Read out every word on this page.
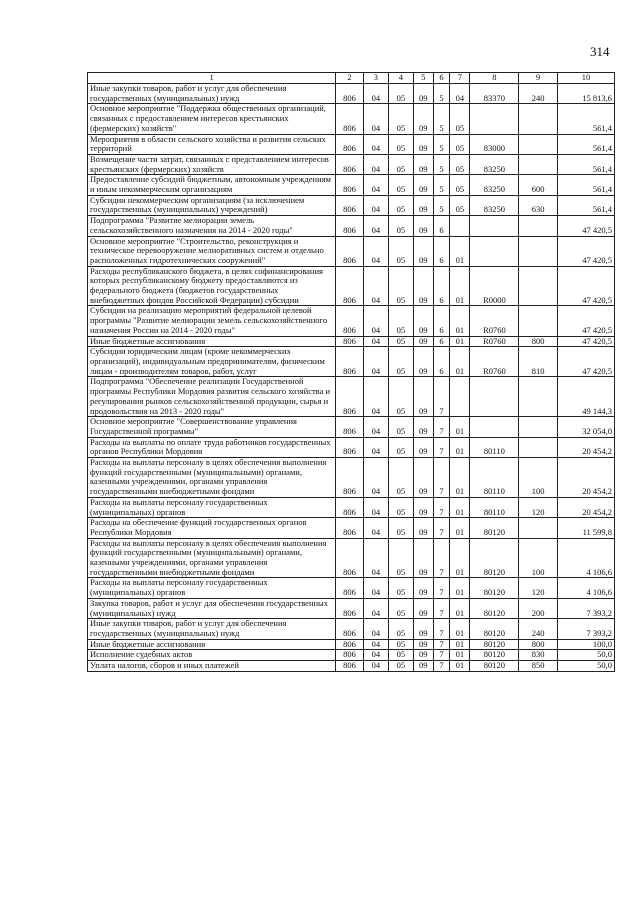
314
1	2	3	4	5	6	7	8	9	10
Иные закупки товаров, работ и услуг для обеспечения государственных (муниципальных) нужд	806	04	05	09	5	04	83370	240	15 813,6
Основное мероприятие "Поддержка общественных организаций, связанных с предоставлением интересов крестьянских (фермерских) хозяйств"	806	04	05	09	5	05			561,4
Мероприятия в области сельского хозяйства и развития сельских территорий	806	04	05	09	5	05	83000		561,4
Возмещение части затрат, связанных с представлением интересов крестьянских (фермерских) хозяйств	806	04	05	09	5	05	83250		561,4
Предоставление субсидий бюджетным, автономным учреждениям и иным некоммерческим организациям	806	04	05	09	5	05	83250	600	561,4
Субсидии некоммерческим организациям (за исключением государственных (муниципальных) учреждений)	806	04	05	09	5	05	83250	630	561,4
Подпрограмма "Развитие мелиорации земель сельскохозяйственного назначения на 2014 - 2020 годы"	806	04	05	09	6				47 420,5
Основное мероприятие "Строительство, реконструкция и техническое перевооружение мелиоративных систем и отдельно расположенных гидротехнических сооружений"	806	04	05	09	6	01			47 420,5
Расходы республиканского бюджета, в целях софинансирования которых республиканскому бюджету предоставляются из федерального бюджета (бюджетов государственных внебюджетных фондов Российской Федерации) субсидии	806	04	05	09	6	01	R0000		47 420,5
Субсидии на реализацию мероприятий федеральной целевой программы "Развитие мелиорации земель сельскохозяйственного назначения России на 2014 - 2020 годы"	806	04	05	09	6	01	R0760		47 420,5
Иные бюджетные ассигнования	806	04	05	09	6	01	R0760	800	47 420,5
Субсидии юридическим лицам (кроме некоммерческих организаций), индивидуальным предпринимателям, физическим лицам - производителям товаров, работ, услуг	806	04	05	09	6	01	R0760	810	47 420,5
Подпрограмма "Обеспечение реализации Государственной программы Республики Мордовия развития сельского хозяйства и регулирования рынков сельскохозяйственной продукции, сырья и продовольствия на 2013 - 2020 годы"	806	04	05	09	7				49 144,3
Основное мероприятие "Совершенствование управления Государственной программы"	806	04	05	09	7	01			32 054,0
Расходы на выплаты по оплате труда работников государственных органов Республики Мордовия	806	04	05	09	7	01	80110		20 454,2
Расходы на выплаты персоналу в целях обеспечения выполнения функций государственными (муниципальными) органами, казенными учреждениями, органами управления государственными внебюджетными фондами	806	04	05	09	7	01	80110	100	20 454,2
Расходы на выплаты персоналу государственных (муниципальных) органов	806	04	05	09	7	01	80110	120	20 454,2
Расходы на обеспечение функций государственных органов Республики Мордовия	806	04	05	09	7	01	80120		11 599,8
Расходы на выплаты персоналу в целях обеспечения выполнения функций государственными (муниципальными) органами, казенными учреждениями, органами управления государственными внебюджетными фондами	806	04	05	09	7	01	80120	100	4 106,6
Расходы на выплаты персоналу государственных (муниципальных) органов	806	04	05	09	7	01	80120	120	4 106,6
Закупка товаров, работ и услуг для обеспечения государственных (муниципальных) нужд	806	04	05	09	7	01	80120	200	7 393,2
Иные закупки товаров, работ и услуг для обеспечения государственных (муниципальных) нужд	806	04	05	09	7	01	80120	240	7 393,2
Иные бюджетные ассигнования	806	04	05	09	7	01	80120	800	100,0
Исполнение судебных актов	806	04	05	09	7	01	80120	830	50,0
Уплата налогов, сборов и иных платежей	806	04	05	09	7	01	80120	850	50,0
